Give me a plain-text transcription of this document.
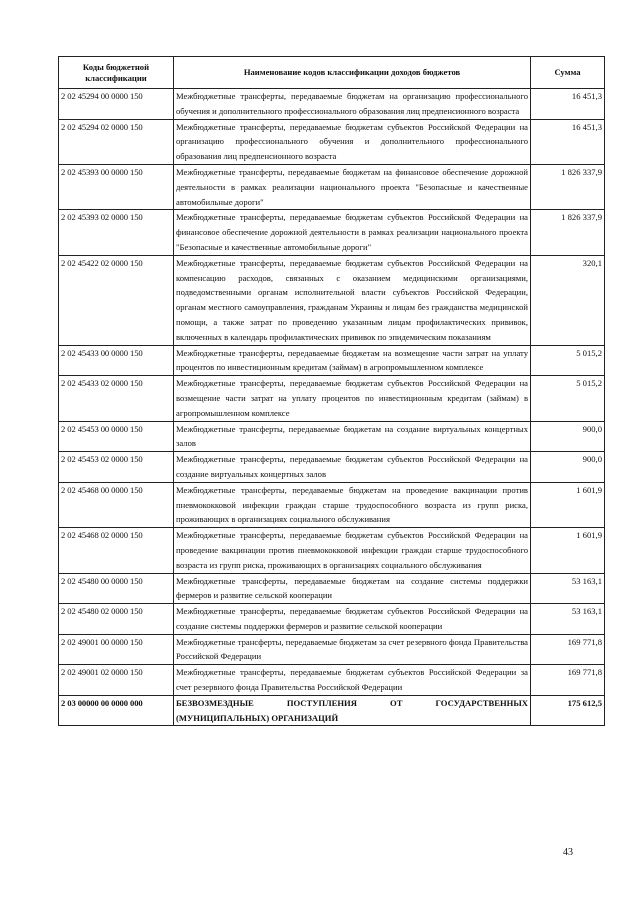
Коды бюджетной классификации	Наименование кодов классификации доходов бюджетов	Сумма
2 02 45294 00 0000 150	Межбюджетные трансферты, передаваемые бюджетам на организацию профессионального обучения и дополнительного профессионального образования лиц предпенсионного возраста	16 451,3
2 02 45294 02 0000 150	Межбюджетные трансферты, передаваемые бюджетам субъектов Российской Федерации на организацию профессионального обучения и дополнительного профессионального образования лиц предпенсионного возраста	16 451,3
2 02 45393 00 0000 150	Межбюджетные трансферты, передаваемые бюджетам на финансовое обеспечение дорожной деятельности в рамках реализации национального проекта "Безопасные и качественные автомобильные дороги"	1 826 337,9
2 02 45393 02 0000 150	Межбюджетные трансферты, передаваемые бюджетам субъектов Российской Федерации на финансовое обеспечение дорожной деятельности в рамках реализации национального проекта "Безопасные и качественные автомобильные дороги"	1 826 337,9
2 02 45422 02 0000 150	Межбюджетные трансферты, передаваемые бюджетам субъектов Российской Федерации на компенсацию расходов, связанных с оказанием медицинскими организациями, подведомственными органам исполнительной власти субъектов Российской Федерации, органам местного самоуправления, гражданам Украины и лицам без гражданства медицинской помощи, а также затрат по проведению указанным лицам профилактических прививок, включенных в календарь профилактических прививок по эпидемическим показаниям	320,1
2 02 45433 00 0000 150	Межбюджетные трансферты, передаваемые бюджетам на возмещение части затрат на уплату процентов по инвестиционным кредитам (займам) в агропромышленном комплексе	5 015,2
2 02 45433 02 0000 150	Межбюджетные трансферты, передаваемые бюджетам субъектов Российской Федерации на возмещение части затрат на уплату процентов по инвестиционным кредитам (займам) в агропромышленном комплексе	5 015,2
2 02 45453 00 0000 150	Межбюджетные трансферты, передаваемые бюджетам на создание виртуальных концертных залов	900,0
2 02 45453 02 0000 150	Межбюджетные трансферты, передаваемые бюджетам субъектов Российской Федерации на создание виртуальных концертных залов	900,0
2 02 45468 00 0000 150	Межбюджетные трансферты, передаваемые бюджетам на проведение вакцинации против пневмококковой инфекции граждан старше трудоспособного возраста из групп риска, проживающих в организациях социального обслуживания	1 601,9
2 02 45468 02 0000 150	Межбюджетные трансферты, передаваемые бюджетам субъектов Российской Федерации на проведение вакцинации против пневмококковой инфекции граждан старше трудоспособного возраста из групп риска, проживающих в организациях социального обслуживания	1 601,9
2 02 45480 00 0000 150	Межбюджетные трансферты, передаваемые бюджетам на создание системы поддержки фермеров и развитие сельской кооперации	53 163,1
2 02 45480 02 0000 150	Межбюджетные трансферты, передаваемые бюджетам субъектов Российской Федерации на создание системы поддержки фермеров и развитие сельской кооперации	53 163,1
2 02 49001 00 0000 150	Межбюджетные трансферты, передаваемые бюджетам за счет резервного фонда Правительства Российской Федерации	169 771,8
2 02 49001 02 0000 150	Межбюджетные трансферты, передаваемые бюджетам субъектов Российской Федерации за счет резервного фонда Правительства Российской Федерации	169 771,8
2 03 00000 00 0000 000	БЕЗВОЗМЕЗДНЫЕ ПОСТУПЛЕНИЯ ОТ ГОСУДАРСТВЕННЫХ (МУНИЦИПАЛЬНЫХ) ОРГАНИЗАЦИЙ	175 612,5
43
